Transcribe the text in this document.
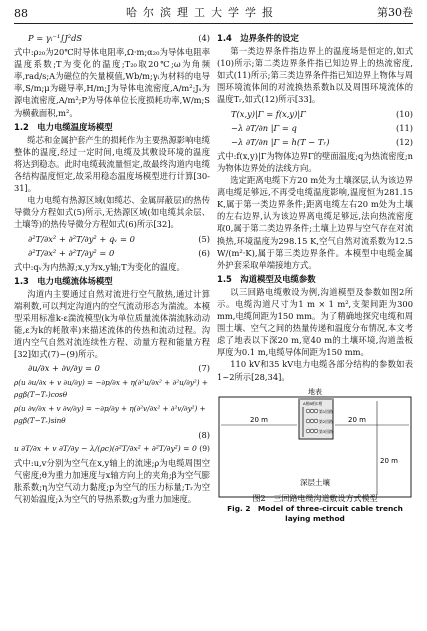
88	哈尔滨理工大学学报	第30卷
P = γᵢ⁻¹∫J²dS	(4)

式中:ρ₂₀为20℃时导体电阻率,Ω·m;α₂₀为导体电阻率温度系数;T为变化的温度;T₂₀取20℃;ω为角频率,rad/s;A为磁位的矢量模值,Wb/m;γᵢ为材料的电导率,S/m;μ为磁导率,H/m;J为导体电流密度,A/m²;Jₛ为源电流密度,A/m²;P为导体单位长度损耗功率,W/m;S为横截面积,m²。

1.2　电力电缆温度场模型

缆芯和金属护套产生的损耗作为主要热源影响电缆整体的温度,经过一定时间,电缆及其敷设环境的温度将达到稳态。此时电缆载流量恒定,故最终沟道内电缆各结构温度恒定,故采用稳态温度场模型进行计算[30-31]。

电力电缆有热源区域(如缆芯、金属屏蔽层)的热传导微分方程如式(5)所示,无热源区域(如电缆其余层、土壤等)的热传导微分方程如式(6)所示[32]。

∂²T/∂x² + ∂²T/∂y² + qᵥ = 0	(5)
∂²T/∂x² + ∂²T/∂y² = 0	(6)

式中:qᵥ为内热源;x,y为x,y轴;T为变化的温度。

1.3　电力电缆流体场模型

沟道内主要通过自然对流进行空气散热,通过计算端利数,可以判定沟道内的空气流动形态为湍流。本模型采用标准k-ε湍流模型(k为单位质量流体湍流脉动动能,ε为k的耗散率)来描述流体的传热和流动过程。沟道内空气自然对流连续性方程、动量方程和能量方程[32]如式(7)~(9)所示。

∂u/∂x + ∂v/∂y = 0	(7)
ρ(u ∂u/∂x + v ∂u/∂y) = −∂p/∂x + η(∂²u/∂x² + ∂²u/∂y²) + ρgβ(T−Tᵣ)cosθ
ρ(u ∂v/∂x + v ∂v/∂y) = −∂p/∂y + η(∂²v/∂x² + ∂²v/∂y²) + ρgβ(T−Tᵣ)sinθ
(8)
u ∂T/∂x + v ∂T/∂y − λ/(ρc)(∂²T/∂x² + ∂²T/∂y²) = 0 (9)

式中:u,v分别为空气在x,y轴上的流速;ρ为电缆周围空气密度;θ为重力加速度与x轴方向上的夹角;β为空气膨胀系数;η为空气动力黏度;p为空气的压力标量;Tᵣ为空气初始温度;λ为空气的导热系数;g为重力加速度。

1.4　边界条件的设定

第一类边界条件指边界上的温度场是恒定的,如式(10)所示;第二类边界条件指已知边界上的热流密度,如式(11)所示;第三类边界条件指已知边界上物体与周围环境流体间的对流换热系数h以及周围环境流体的温度Tᵣ,如式(12)所示[33]。

T(x,y)|Γ = f(x,y)|Γ	(10)
−λ ∂T/∂n |Γ = q	(11)
−λ ∂T/∂n |Γ = h(T − Tᵣ)	(12)

式中:f(x,y)|Γ为物体边界Γ的壁面温度;q为热流密度;n为物体边界处的法线方向。

选定距离电缆下方20 m处为土壤深层,认为该边界离电缆足够远,不再受电缆温度影响,温度恒为281.15 K,属于第一类边界条件;距离电缆左右20 m处为土壤的左右边界,认为该边界离电缆足够远,法向热流密度取0,属于第二类边界条件;土壤上边界与空气存在对流换热,环境温度为298.15 K,空气自然对流系数为12.5 W/(m²·K),属于第三类边界条件。本模型中电缆金属外护套采取单端接地方式。

1.5　沟道模型及电缆参数

以三回路电缆敷设为例,沟道模型及参数如图2所示。电缆沟道尺寸为1 m × 1 m²,支架间距为300 mm,电缆间距为150 mm。为了精确地探究电缆和周围土壤、空气之间的热量传递和温度分布情况,本文考虑了地表以下深20 m,宽40 m的土壤环境,沟道盖板厚度为0.1 m,电缆导体间距为150 mm。

110 kV和35 kV电力电缆各部分结构的参数如表1~2所示[28,34]。

地表
A相B相C相
第1回路
第2回路
第3回路
20 m	20 m
20 m
深层土壤
图2　三回路电缆沟道敷设方式模型
Fig. 2　Model of three-circuit cable trench laying method
